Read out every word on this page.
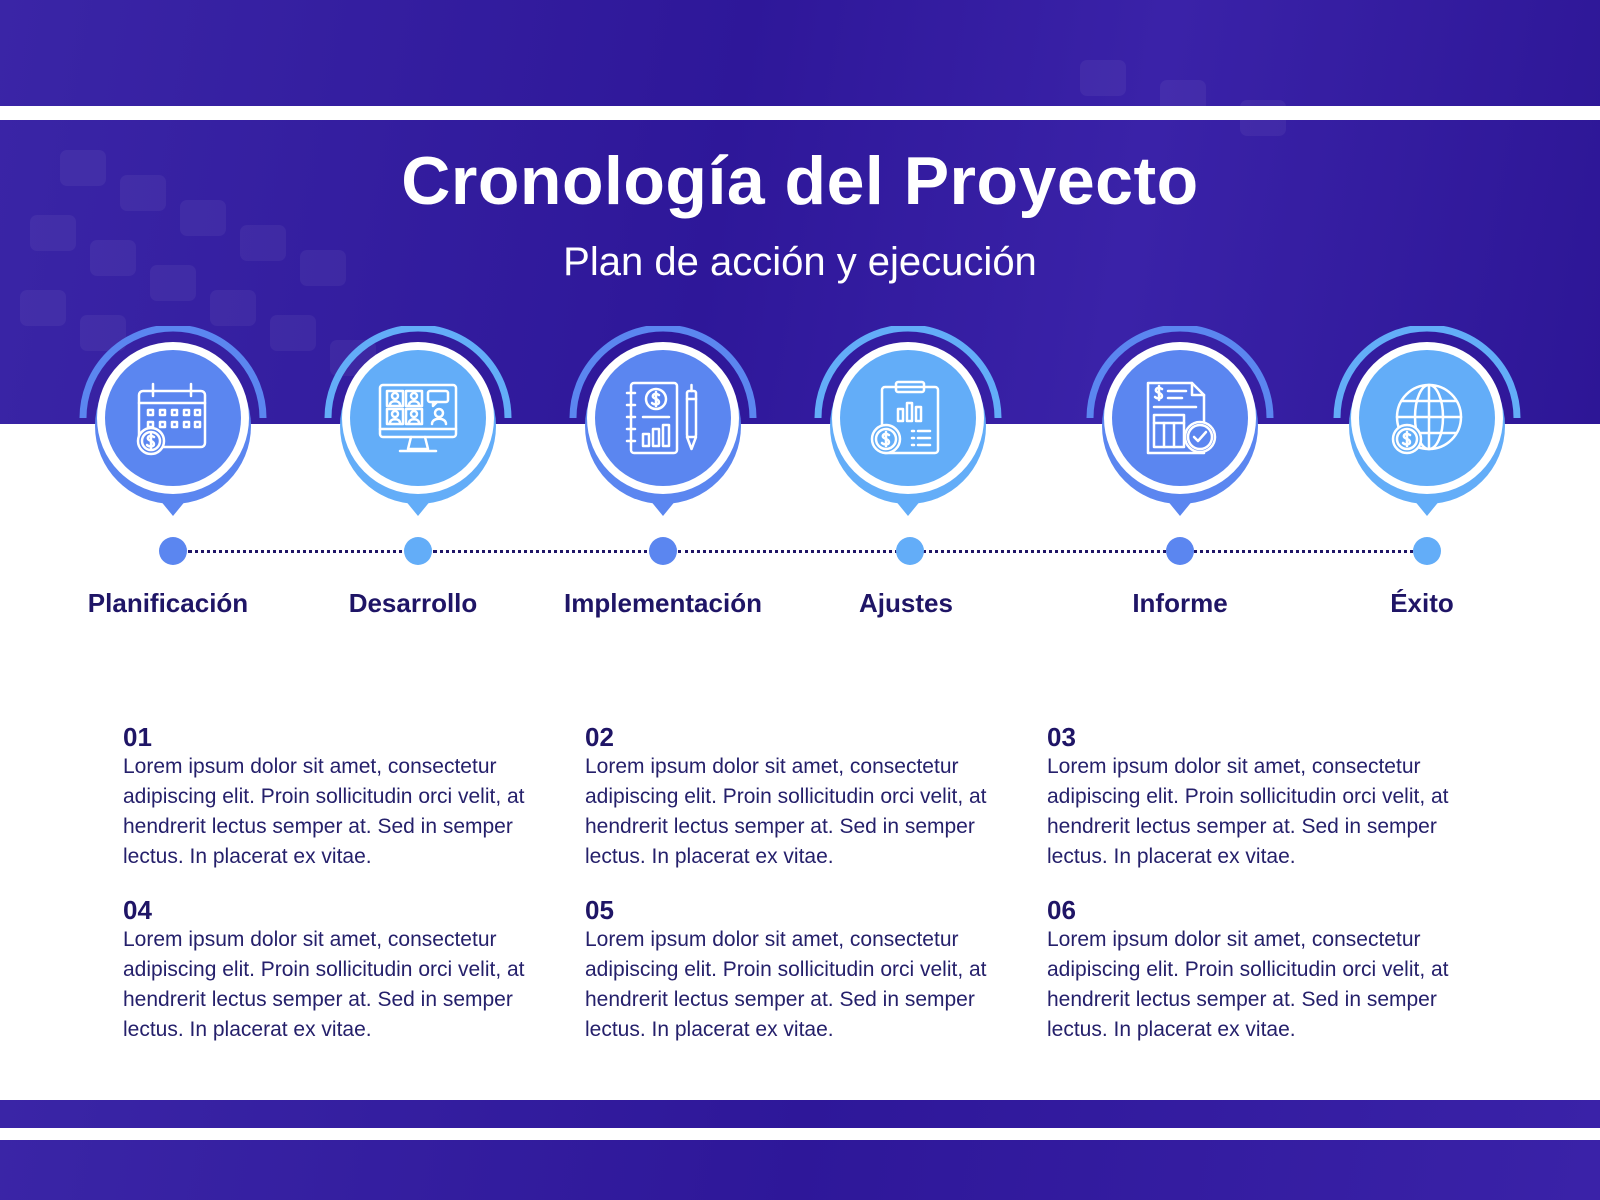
Cronología del Proyecto
Plan de acción y ejecución
Planificación	Desarrollo	Implementación	Ajustes	Informe	Éxito
01
Lorem ipsum dolor sit amet, consectetur adipiscing elit. Proin sollicitudin orci velit, at hendrerit lectus semper at. Sed in semper lectus. In placerat ex vitae.
02
Lorem ipsum dolor sit amet, consectetur adipiscing elit. Proin sollicitudin orci velit, at hendrerit lectus semper at. Sed in semper lectus. In placerat ex vitae.
03
Lorem ipsum dolor sit amet, consectetur adipiscing elit. Proin sollicitudin orci velit, at hendrerit lectus semper at. Sed in semper lectus. In placerat ex vitae.
04
Lorem ipsum dolor sit amet, consectetur adipiscing elit. Proin sollicitudin orci velit, at hendrerit lectus semper at. Sed in semper lectus. In placerat ex vitae.
05
Lorem ipsum dolor sit amet, consectetur adipiscing elit. Proin sollicitudin orci velit, at hendrerit lectus semper at. Sed in semper lectus. In placerat ex vitae.
06
Lorem ipsum dolor sit amet, consectetur adipiscing elit. Proin sollicitudin orci velit, at hendrerit lectus semper at. Sed in semper lectus. In placerat ex vitae.
